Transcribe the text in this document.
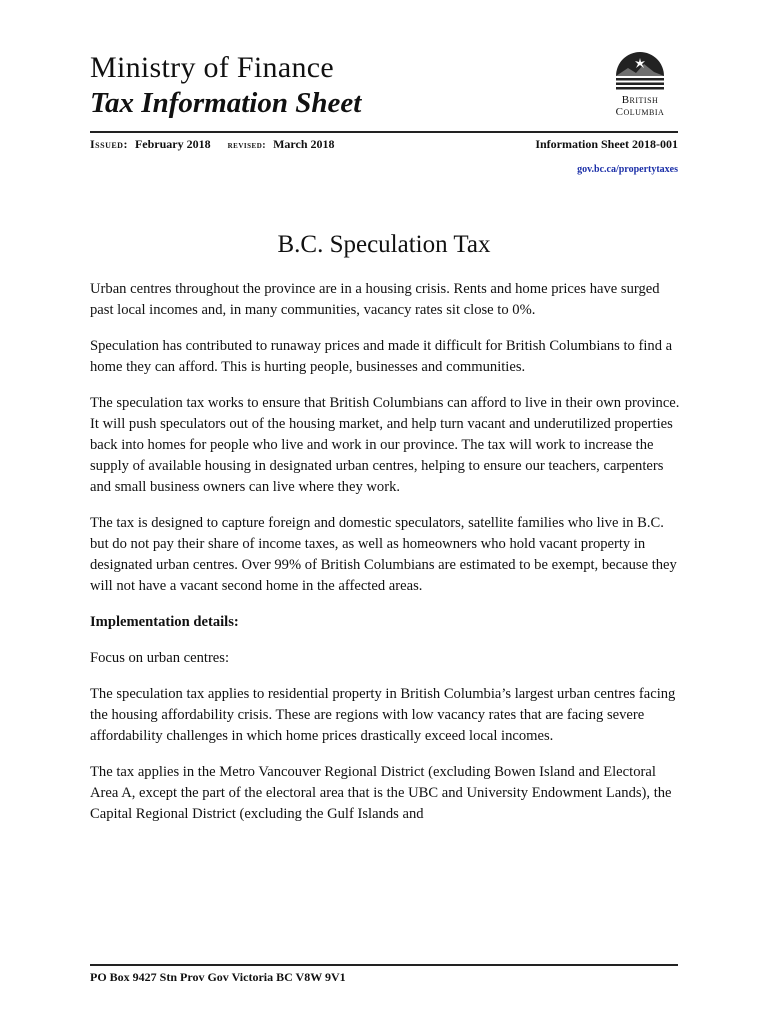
Ministry of Finance
Tax Information Sheet	British
Columbia
Issued: February 2018 revised: March 2018	Information Sheet 2018-001
gov.bc.ca/propertytaxes
B.C. Speculation Tax

Urban centres throughout the province are in a housing crisis. Rents and home prices have surged past local incomes and, in many communities, vacancy rates sit close to 0%.

Speculation has contributed to runaway prices and made it difficult for British Columbians to find a home they can afford. This is hurting people, businesses and communities.

The speculation tax works to ensure that British Columbians can afford to live in their own province. It will push speculators out of the housing market, and help turn vacant and underutilized properties back into homes for people who live and work in our province. The tax will work to increase the supply of available housing in designated urban centres, helping to ensure our teachers, carpenters and small business owners can live where they work.

The tax is designed to capture foreign and domestic speculators, satellite families who live in B.C. but do not pay their share of income taxes, as well as homeowners who hold vacant property in designated urban centres. Over 99% of British Columbians are estimated to be exempt, because they will not have a vacant second home in the affected areas.

Implementation details:

Focus on urban centres:

The speculation tax applies to residential property in British Columbia’s largest urban centres facing the housing affordability crisis. These are regions with low vacancy rates that are facing severe affordability challenges in which home prices drastically exceed local incomes.

The tax applies in the Metro Vancouver Regional District (excluding Bowen Island and Electoral Area A, except the part of the electoral area that is the UBC and University Endowment Lands), the Capital Regional District (excluding the Gulf Islands and

PO Box 9427 Stn Prov Gov Victoria BC V8W 9V1
